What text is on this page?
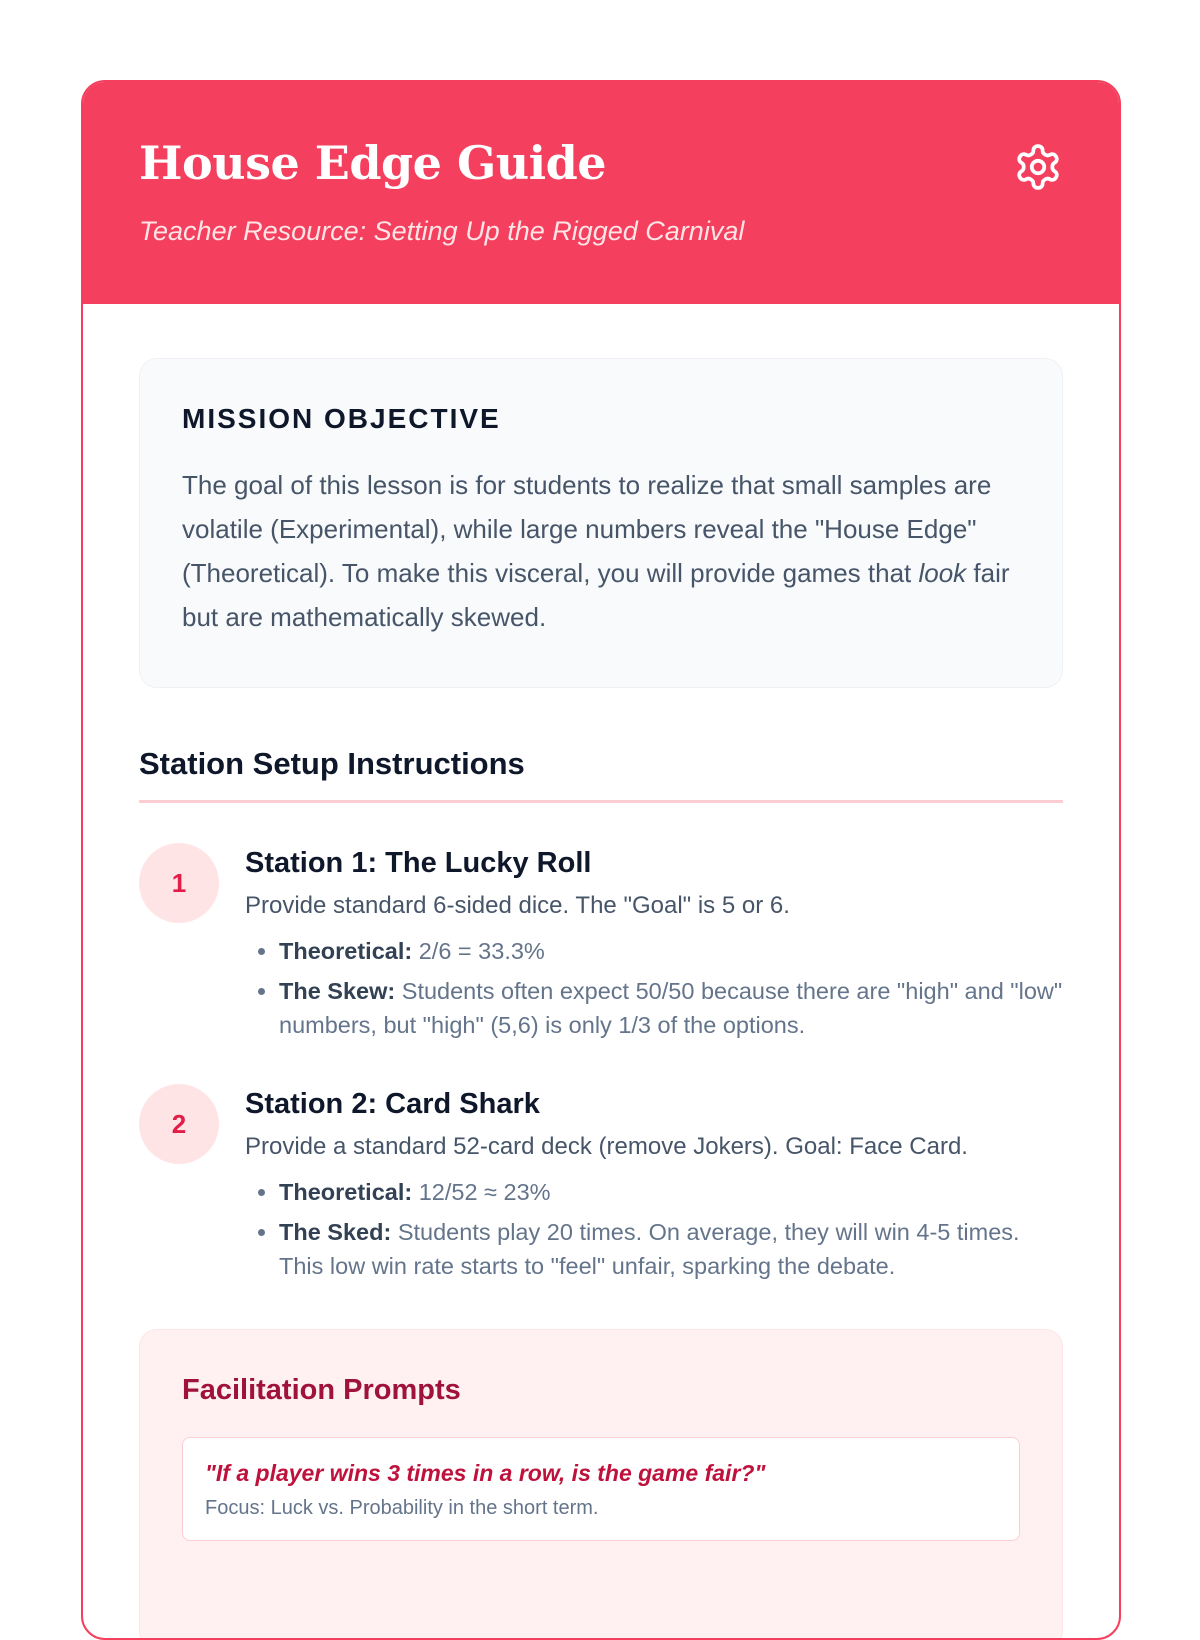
House Edge Guide

Teacher Resource: Setting Up the Rigged Carnival

MISSION OBJECTIVE

The goal of this lesson is for students to realize that small samples are volatile (Experimental), while large numbers reveal the "House Edge" (Theoretical). To make this visceral, you will provide games that look fair but are mathematically skewed.

Station Setup Instructions
1
Station 1: The Lucky Roll

Provide standard 6-sided dice. The "Goal" is 5 or 6.

• Theoretical: 2/6 = 33.3%
• The Skew: Students often expect 50/50 because there are "high" and "low" numbers, but "high" (5,6) is only 1/3 of the options.
2
Station 2: Card Shark

Provide a standard 52-card deck (remove Jokers). Goal: Face Card.

• Theoretical: 12/52 ≈ 23%
• The Sked: Students play 20 times. On average, they will win 4-5 times. This low win rate starts to "feel" unfair, sparking the debate.
Facilitation Prompts

"If a player wins 3 times in a row, is the game fair?"

Focus: Luck vs. Probability in the short term.
